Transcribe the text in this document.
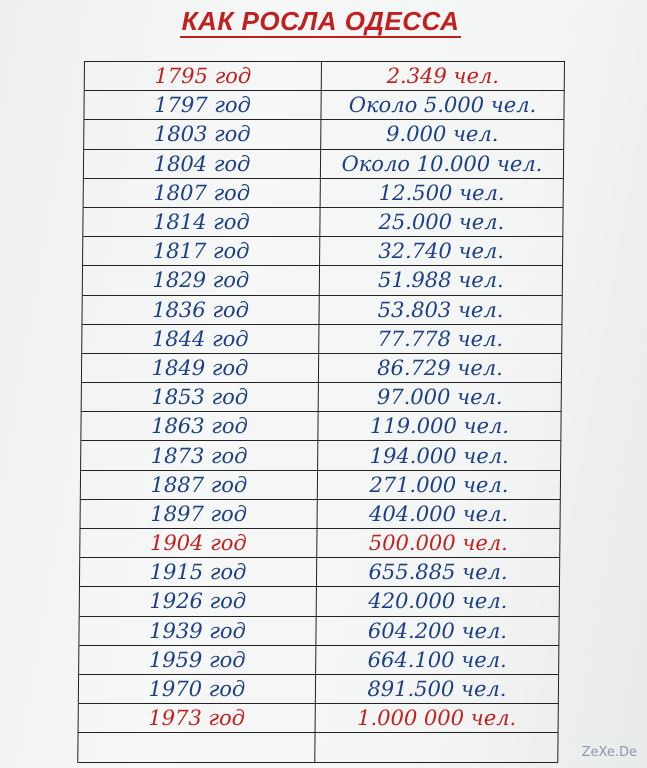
КАК РОСЛА ОДЕССА
1795 год	2.349 чел.
1797 год	Около 5.000 чел.
1803 год	9.000 чел.
1804 год	Около 10.000 чел.
1807 год	12.500 чел.
1814 год	25.000 чел.
1817 год	32.740 чел.
1829 год	51.988 чел.
1836 год	53.803 чел.
1844 год	77.778 чел.
1849 год	86.729 чел.
1853 год	97.000 чел.
1863 год	119.000 чел.
1873 год	194.000 чел.
1887 год	271.000 чел.
1897 год	404.000 чел.
1904 год	500.000 чел.
1915 год	655.885 чел.
1926 год	420.000 чел.
1939 год	604.200 чел.
1959 год	664.100 чел.
1970 год	891.500 чел.
1973 год	1.000 000 чел.
ZeXe.De
